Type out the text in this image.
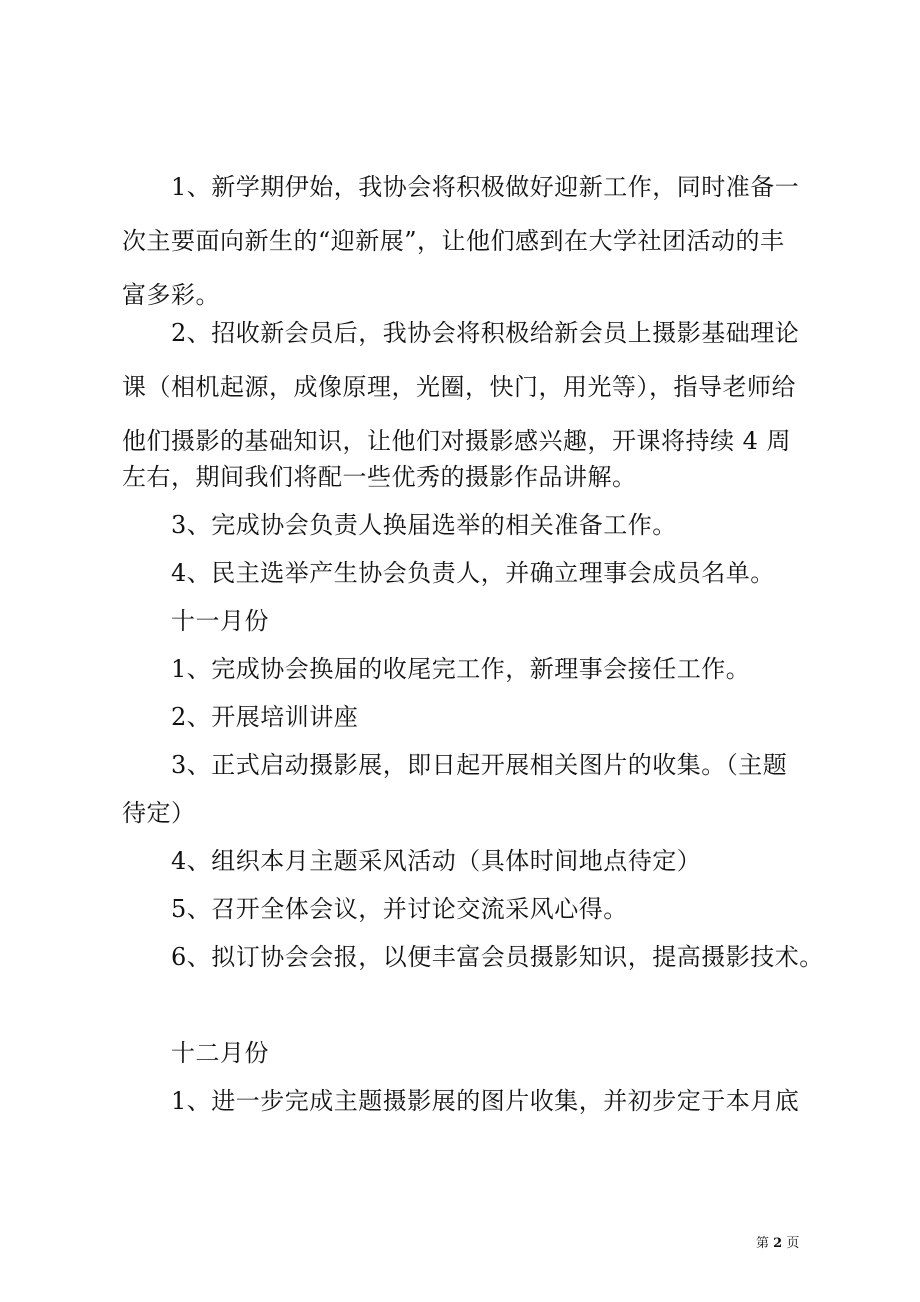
1、新学期伊始，我协会将积极做好迎新工作，同时准备一
次主要面向新生的“迎新展”，让他们感到在大学社团活动的丰
富多彩。
2、招收新会员后，我协会将积极给新会员上摄影基础理论
课（相机起源，成像原理，光圈，快门，用光等），指导老师给
他们摄影的基础知识，让他们对摄影感兴趣，开课将持续 4 周
左右，期间我们将配一些优秀的摄影作品讲解。
3、完成协会负责人换届选举的相关准备工作。
4、民主选举产生协会负责人，并确立理事会成员名单。
十一月份
1、完成协会换届的收尾完工作，新理事会接任工作。
2、开展培训讲座
3、正式启动摄影展，即日起开展相关图片的收集。（主题
待定）
4、组织本月主题采风活动（具体时间地点待定）
5、召开全体会议，并讨论交流采风心得。
6、拟订协会会报，以便丰富会员摄影知识，提高摄影技术。
十二月份
1、进一步完成主题摄影展的图片收集，并初步定于本月底
第 2 页
